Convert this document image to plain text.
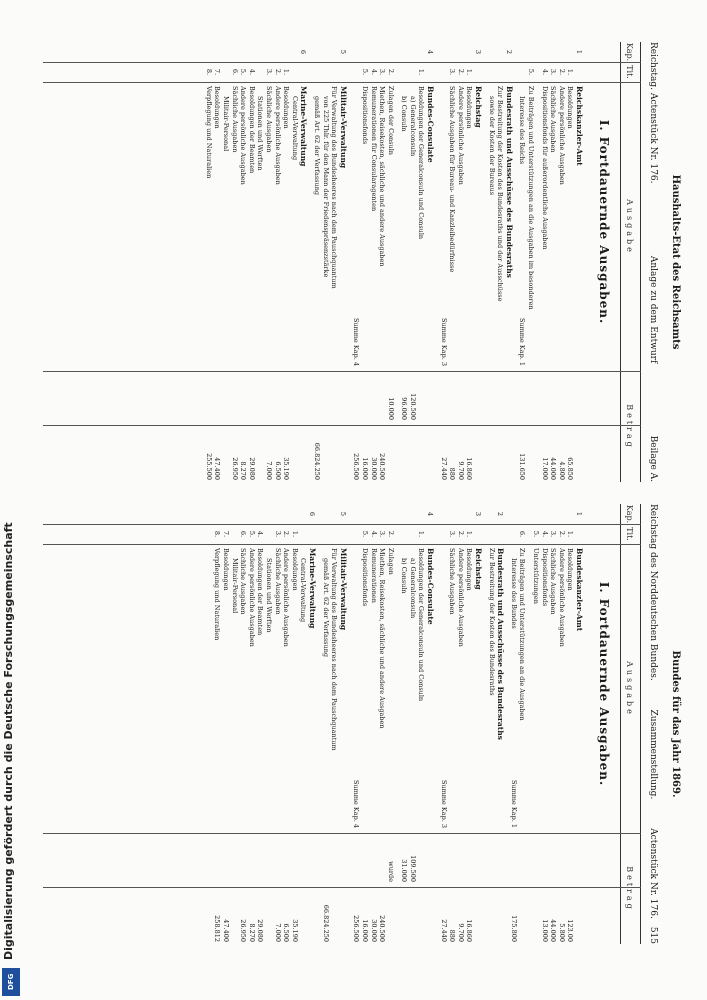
Digitalisierung gefördert durch die Deutsche Forschungsgemeinschaft
DFG
Haushalts-Etat des Reichsamts
Reichstag. Actenstück Nr. 176.
Anlage zu dem Entwurf
Beilage A.
Kap.
Tit.
Ausgabe
Betrag
I. Fortdauernde Ausgaben.
1
Reichskanzler-Amt
1.
Besoldungen
65.850
2.
Andere persönliche Ausgaben
4.800
3.
Sächliche Ausgaben
44.000
4.
Dispositionsfonds für außerordentliche Ausgaben
17.000
5.
Zu Beiträgen und Unterstützungen an die Ausgaben im besonderen
Interesse des Reichs
Summe Kap. 1
131.650
2
Bundesrath und Ausschüsse des Bundesraths
Zur Bestreitung der Kosten des Bundesraths und der Ausschüsse
sowie der Kosten der Bureaus
3
Reichstag
1.
Besoldungen
16.860
2.
Andere persönliche Ausgaben
9.700
3.
Sächliche Ausgaben für Bureau- und Kanzleibedürfnisse
880
Summe Kap. 3
27.440
4
Bundes-Consulate
1.
Besoldungen der Generalconsuln und Consuln
a) Generalconsuln
120.500
b) Consuln
96.000
2.
Zulagen der Consuln
10.000
3.
Miethen, Reisekosten, sächliche und andere Ausgaben
240.500
4.
Remunerationen für Consularagenten
30.000
5.
Dispositionsfonds
16.000
Summe Kap. 4
256.500
5
Militair-Verwaltung
Für Verwaltung des Bundesheeres nach dem Pauschquantum
von 225 Thlr. für den Mann der Friedenspräsenzstärke
gemäß Art. 62 der Verfassung
66.824.250
6
Marine-Verwaltung
Central-Verwaltung
1.
Besoldungen
35.190
2.
Andere persönliche Ausgaben
6.500
3.
Sächliche Ausgaben
7.000
Stationen und Werften
4.
Besoldungen der Beamten
29.080
5.
Andere persönliche Ausgaben
8.270
6.
Sächliche Ausgaben
26.950
Militair-Personal
7.
Besoldungen
47.400
8.
Verpflegung und Naturalien
255.500
Bundes für das Jahr 1869.
Reichstag des Norddeutschen Bundes.
Zusammenstellung.
Actenstück Nr. 176.
515
Kap.
Tit.
Ausgabe
Betrag
I. Fortdauernde Ausgaben.
1
Bundeskanzler-Amt
1.
Besoldungen
123.00
2.
Andere persönliche Ausgaben
5.800
3.
Sächliche Ausgaben
44.000
4.
Dispositionsfonds
13.000
5.
Unterstützungen
6.
Zu Beiträgen und Unterstützungen an die Ausgaben
Interesse des Bundes
Summe Kap. 1
175.800
2
Bundesrath und Ausschüsse des Bundesraths
Zur Bestreitung der Kosten des Bundesraths
3
Reichstag
1.
Besoldungen
16.860
2.
Andere persönliche Ausgaben
9.700
3.
Sächliche Ausgaben
880
Summe Kap. 3
27.440
4
Bundes-Consulate
1.
Besoldungen der Generalconsuln und Consuln
a) Generalconsuln
109.500
b) Consuln
31.000
2.
Zulagen
wurde
3.
Miethen, Reisekosten, sächliche und andere Ausgaben
240.500
4.
Remunerationen
30.000
5.
Dispositionsfonds
16.000
Summe Kap. 4
256.500
5
Militair-Verwaltung
Für Verwaltung des Bundesheeres nach dem Pauschquantum
gemäß Art. 62 der Verfassung
66.824.250
6
Marine-Verwaltung
Central-Verwaltung
1.
Besoldungen
35.190
2.
Andere persönliche Ausgaben
6.500
3.
Sächliche Ausgaben
7.000
Stationen und Werften
4.
Besoldungen der Beamten
29.080
5.
Andere persönliche Ausgaben
8.270
6.
Sächliche Ausgaben
26.950
Militair-Personal
7.
Besoldungen
47.400
8.
Verpflegung und Naturalien
258.812
